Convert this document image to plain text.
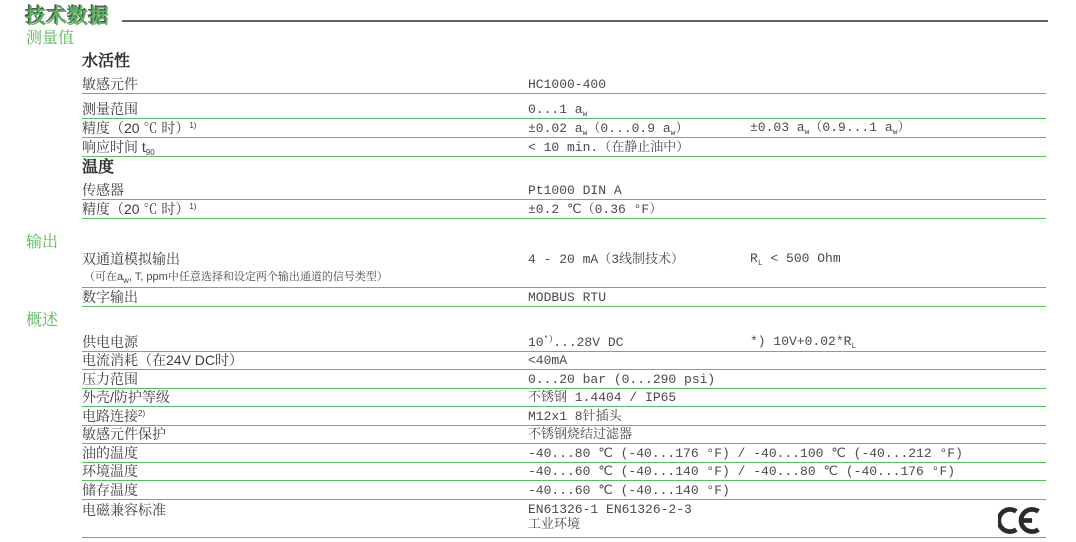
技术数据
测量值
水活性
敏感元件	HC1000-400
测量范围	0...1 $a_w$
精度（20 ℃ 时）$^{1)}$	±0.02 $a_w(0...0.9$ $a_w$）	±0.03 $a_w(0.9...1$ $a_w$）
响应时间 $t_{90}$	< 10 min.（在静止油中）
温度
传感器	Pt1000 DIN A
精度（20 ℃ 时）$^{1)}$	±0.2 ℃（0.36 °F）
输出
双通道模拟输出	4 - 20 mA（3线制技术）	$R_L < 500$ Ohm
（可在$a_w$, T, ppm中任意选择和设定两个输出通道的信号类型）
数字输出	MODBUS RTU
概述
供电电源	10*)...28V DC	*) $10V+0.02*R_L$
电流消耗（在24V DC时）	<40mA
压力范围	0...20 bar (0...290 psi)
外壳/防护等级	不锈钢 1.4404 / IP65
电路连接$^{2)}$	M12x1 8针插头
敏感元件保护	不锈钢烧结过滤器
油的温度	-40...80 ℃ (-40...176 °F) / -40...100 ℃ (-40...212 °F)
环境温度	-40...60 ℃ (-40...140 °F) / -40...80 ℃ (-40...176 °F)
储存温度	-40...60 ℃ (-40...140 °F)
电磁兼容标准	EN61326-1 EN61326-2-3
工业环境
